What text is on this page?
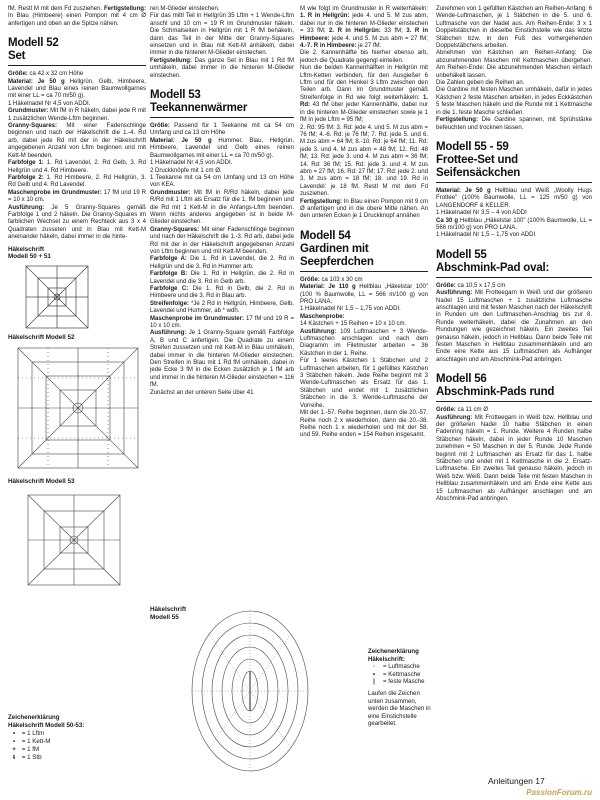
fM. Restl M mit dem Fd zusziehen. Fertigstellung: In Blau (Himbeere) einen Pompon mit 4 cm Ø anfertigen und oben an die Spitze nähen.

Modell 52
Set

Größe: ca 42 x 32 cm Höhe

Material: Je 50 g Hellgrün, Gelb, Himbeere, Lavendel und Blau eines reinen Baumwollgarnes mit einer LL = ca 70 m/50 g).

1 Häkelnadel Nr 4,5 von ADDI.

Grundmuster: Mit fM in R häkeln, dabei jede R mit 1 zusätzlichen Wende-Lftm beginnen.

Granny-Squares: Mit einer Fadenschlinge beginnen und nach der Häkelschrift die 1.-4. Rd arb, dabei jede Rd mit der in der Häkelschrift angegebenen Anzahl von Lftm beginnen und mit Kett-M beenden.

Farbfolge 1: 1. Rd Lavendel, 2. Rd Gelb, 3. Rd Hellgrün und 4. Rd Himbeere.

Farbfolge 2: 1. Rd Himbeere, 2. Rd Hellgrün, 3. Rd Gelb und 4. Rd Lavendel.

Maschenprobe im Grundmuster: 17 fM und 19 R = 10 x 10 cm.

Ausführung: Je 5 Granny-Squares gemäß Farbfolge 1 und 2 häkeln. Die Granny-Squares im farblichen Wechsel zu einem Rechteck aus 3 x 4 Quadraten zusseten und in Blau mit Kett-M aneinander häkeln, dabei immer in die hinte-

Häkelschrift
Modell 50 + 51
Häkelschrift Modell 52
Häkelschrift Modell 53
Zeichenerklärung
Häkelschrift Modell 50-53:
• = 1 Lftm
▪ = 1 Kett-M
+ = 1 fM
ŧ = 1 Stb

ren M-Glieder einstechen.

Für das mittl Teil in Hellgrün 35 Lftm + 1 Wende-Lftm anschl und 10 cm = 19 R im Grundmuster häkeln. Die Schmalseiten in Hellgrün mit 1 R fM behäkeln, dann das Teil in der Mitte der Granny-Squares einsetzen und in Blau mit Kett-M anhäkeln, dabei immer in die hinteren M-Glieder einstechen.

Fertigstellung: Das ganze Set in Blau mit 1 Rd fM umhäkeln, dabei immer in die hinteren M-Glieder einstechen.

Modell 53
Teekannenwärmer

Größe: Passend für 1 Teekanne mit ca 54 cm Umfang und ca 13 cm Höhe

Material: Je 50 g Hummer, Blau, Hellgrün, Himbeere, Lavendel und Gelb eines reinen Baumwollgarnes mit einer LL = ca 70 m/50 g).

1 Häkelnadel Nr 4,5 von ADDI.

2 Druckknöpfe mit 1 cm Ø.

1 Teekanne mit ca 54 cm Umfang und 13 cm Höhe von KEA.

Grundmuster: Mit fM in R/Rd häkeln, dabei jede R/Rd mit 1 Lftm als Ersatz für die 1. fM beginnen und die Rd mit 1 Kett-M in die Anfangs-Lftm beenden. Wenn nichts anderes angegeben ist in beide M-Glieder einstechen.

Granny-Squares: Mit einer Fadenschlinge beginnen und nach der Häkelschrift die 1.-3. Rd arb, dabei jede Rd mit der in der Häkelschrift angegebenen Anzahl von Lftm beginnen und mit Kett-M beenden.

Farbfolge A: Die 1. Rd in Lavendel, die 2. Rd in Hellgrün und die 3. Rd in Hummer arb.

Farbfolge B: Die 1. Rd in Hellgrün, die 2. Rd in Lavendel und die 3. Rd in Gelb arb.

Farbfolge C: Die 1. Rd in Gelb, die 2. Rd in Himbeere und die 3. Rd in Blau arb.

Streifenfolge: *Je 2 Rd in Hellgrün, Himbeere, Gelb, Lavendel und Hummer, ab * wdh.

Maschenprobe im Grundmuster: 17 fM und 19 R = 10 x 10 cm.

Ausführung: Je 1 Granny-Square gemäß Farbfolge A, B und C anfertigen. Die Quadrate zu einem Streifen zussetzen und mit Kett-M in Blau umhäkeln, dabei immer in die hinteren M-Glieder einstechen. Den Streifen in Blau mit 1 Rd fM umhäkeln, dabei in jede Ecke 3 fM in die Ecken zusätzlich je 1 fM arb und immer in die hinteren M-Glieder einstechen = 116 fM.

Zunächst an der unteren Seite über 41

M wie folgt im Grundmuster in R weiterhäkeln: 1. R in Hellgrün: jede 4. und 5. M zus abm, dabei nur in die hinteren M-Glieder einstechen = 33 fM; 2. R in Hellgrün: 33 fM; 3. R in Himbeere: jede 4. und 5. M zus abm = 27 fM; 4.-7. R in Himbeere: je 27 fM.

Die 2. Kannenhälfte bis hierher ebenso arb, jedoch die Quadrate gegengl einteilen.

Nun die beiden Kannenhälften in Hellgrün mit Lftm-Ketten verbinden, für den Ausgießer 6 Lftm und für den Henkel 3 Lftm zwischen den Teilen arb. Dann im Grundmuster gemäß Streifenfolge in Rd wie folgt weiterhäkeln: 1. Rd: 43 fM über jeder Kannenhälfte, dabei nur in die hinteren M-Glieder einstechen sowie je 1 fM in jede Lftm = 95 fM;

2. Rd: 95 fM; 3. Rd: jede 4. und 5. M zus abm = 76 fM; 4.-6. Rd: je 76 fM; 7. Rd: jede 5. und 6. M zus abm = 64 fM; 8.-10. Rd: je 64 fM; 11. Rd: jede 3. und 4. M zus abm = 48 fM; 12. Rd: 48 fM; 13. Rd: jede 3. und 4. M zus abm = 36 fM; 14. Rd: 36 fM; 15. Rd: jede 3. und 4. M zus abm = 27 fM; 16. Rd: 27 fM; 17. Rd: jede 2. und 3. M zus abm = 18 fM; 18. und 19. Rd in Lavendel: je 18 fM. Restl M mit dem Fd zusziehen.

Fertigstellung: In Blau einen Pompon mit 9 cm Ø anfertigen und in die obere Mitte nähen. An den unteren Ecken je 1 Druckknopf annähen

Modell 54
Gardinen mit
Seepferdchen

Größe: ca 103 x 30 cm

Material: Je 110 g Hellblau „Häkelstar 100" (100 % Baumwolle, LL = 566 m/100 g) von PRO LANA.

1 Häkelnadel Nr 1,5 – 1,75 von ADDI.

Maschenprobe:

14 Kästchen + 15 Reihen = 10 x 10 cm.

Ausführung: 109 Luftmaschen + 3 Wende-Luftmaschen anschlagen und nach dem Diagramm im Filetmuster arbeiten = 36 Kästchen in der 1. Reihe.

Für 1 leeres Kästchen 1 Stäbchen und 2 Luftmaschen arbeiten, für 1 gefülltes Kästchen 3 Stäbchen häkeln. Jede Reihe beginnt mit 3 Wende-Luftmaschen als Ersatz für das 1. Stäbchen und endet mit 1 zusätzlichen Stäbchen in die 3. Wende-Luftmasche der Vorreihe.

Mit der 1.-57. Reihe beginnen, dann die 20.-57. Reihe noch 2 x wiederholen, dann die 20.-38. Reihe noch 1 x wiederholen und mit der 58. und 59. Reihe enden = 154 Reihen insgesamt.

Zunehmen von 1 gefüllten Kästchen am Reihen-Anfang: 6 Wende-Luftmaschen, je 1 Stäbchen in die 5. und 6. Luftmasche von der Nadel aus. Am Reihen-Ende: 3 x 1 Doppelstäbchen in dieselbe Einstichstelle wie das letzte Stäbchen bzw. in den Fuß des vorhergehenden Doppelstäbchens arbeiten.

Abnehmen von Kästchen am Reihen-Anfang: Die abzunehmenden Maschen mit Kettmaschen übergehen. Am Reihen-Ende: Die abzunehmenden Maschen einfach unbehäkelt lassen.

Die Zahlen geben die Reihen an.

Die Gardine mit festen Maschen umhäkeln, dafür in jedes Kästchen 2 feste Maschen arbeiten, in jedes Eckkästchen 5 feste Maschen häkeln und die Runde mit 1 Kettmasche in die 1. feste Masche schließen.

Fertigstellung: Die Gardine spannen, mit Sprühstärke befeuchten und trocknen lassen.

Modell 55 - 59
Frottee-Set und
Seifensäckchen

Material: Je 50 g Hellblau und Weiß „Woolly Hugs Frottee" (100% Baumwolle, LL = 125 m/50 g) von LANGENDORF & KELLER.

1 Häkelnadel Nr 3,5 – 4 von ADDI

Ca 30 g Hellblau „Häkelstar 100" (100% Baumwolle, LL = 566 m/100 g) von PRO LANA.

1 Häkelnadel Nr 1,5 – 1,75 von ADDI

Modell 55
Abschmink-Pad oval:

Größe: ca 10,5 x 17,5 cm

Ausführung: Mit Frotteegarn in Weiß und der größeren Nadel 15 Luftmaschen + 1 zusätzliche Luftmasche anschlagen und mit festen Maschen nach der Häkelschrift in Runden um den Luftmaschen-Anschlag bis zur 8. Runde weiterhäkeln, dabei die Zunahmen an den Rundungen wie gezeichnet häkeln. Ein zweites Teil genauso häkeln, jedoch in Hellblau. Dann beide Teile mit festen Maschen in Hellblau zusammenhäkeln und am Ende eine Kette aus 15 Luftmaschen als Aufhänger anschlagen und am Abschmink-Pad anbringen.

Modell 56
Abschmink-Pads rund

Größe: ca 11 cm Ø

Ausführung: Mit Frotteegarn in Weiß bzw. Hellblau und der größeren Nadel 10 halbe Stäbchen in einen Fadenring häkeln = 1. Runde. Weitere 4 Runden halbe Stäbchen häkeln, dabei in jeder Runde 10 Maschen zunehmen = 50 Maschen in der 5. Runde. Jede Runde beginnt mit 2 Luftmaschen als Ersatz für das 1. halbe Stäbchen und endet mit 1 Kettmasche in die 2. Ersatz-Luftmasche. Ein zweites Teil genauso häkeln, jedoch in Weiß bzw. Weiß. Dann beide Teile mit festen Maschen in Hellblau zusammenhäkeln und am Ende eine Kette aus 15 Luftmaschen als Aufhänger anschlagen und am Abschmink-Pad anbringen.

Häkelschrift
Modell 55
Zeichenerklärung
Häkelschrift:
◦	= Luftmasche
•	= Kettmasche
|	= feste Masche
Laufen die Zeichen unten zusammen, werden die Maschen in eine Einstichstelle gearbeitet.
Anleitungen 17
PassionForum.ru
